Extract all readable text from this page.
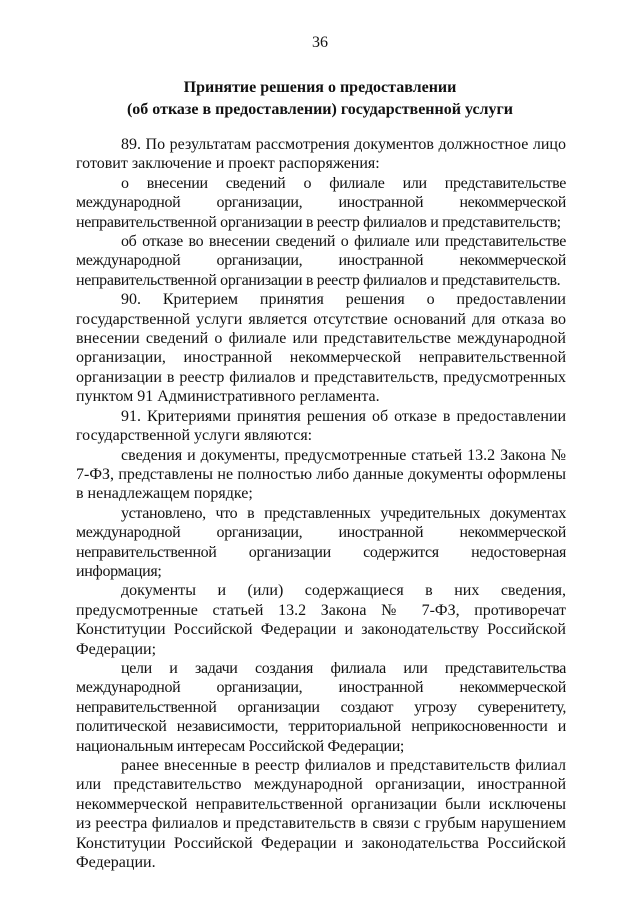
36
Принятие решения о предоставлении
(об отказе в предоставлении) государственной услуги

89. По результатам рассмотрения документов должностное лицо готовит заключение и проект распоряжения:

о внесении сведений о филиале или представительстве международной организации, иностранной некоммерческой неправительственной организации в реестр филиалов и представительств;

об отказе во внесении сведений о филиале или представительстве международной организации, иностранной некоммерческой неправительственной организации в реестр филиалов и представительств.

90. Критерием принятия решения о предоставлении государственной услуги является отсутствие оснований для отказа во внесении сведений о филиале или представительстве международной организации, иностранной некоммерческой неправительственной организации в реестр филиалов и представительств, предусмотренных пунктом 91 Административного регламента.

91. Критериями принятия решения об отказе в предоставлении государственной услуги являются:

сведения и документы, предусмотренные статьей 13.2 Закона № 7-ФЗ, представлены не полностью либо данные документы оформлены в ненадлежащем порядке;

установлено, что в представленных учредительных документах международной организации, иностранной некоммерческой неправительственной организации содержится недостоверная информация;

документы и (или) содержащиеся в них сведения, предусмотренные статьей 13.2 Закона № 7-ФЗ, противоречат Конституции Российской Федерации и законодательству Российской Федерации;

цели и задачи создания филиала или представительства международной организации, иностранной некоммерческой неправительственной организации создают угрозу суверенитету, политической независимости, территориальной неприкосновенности и национальным интересам Российской Федерации;

ранее внесенные в реестр филиалов и представительств филиал или представительство международной организации, иностранной некоммерческой неправительственной организации были исключены из реестра филиалов и представительств в связи с грубым нарушением Конституции Российской Федерации и законодательства Российской Федерации.
